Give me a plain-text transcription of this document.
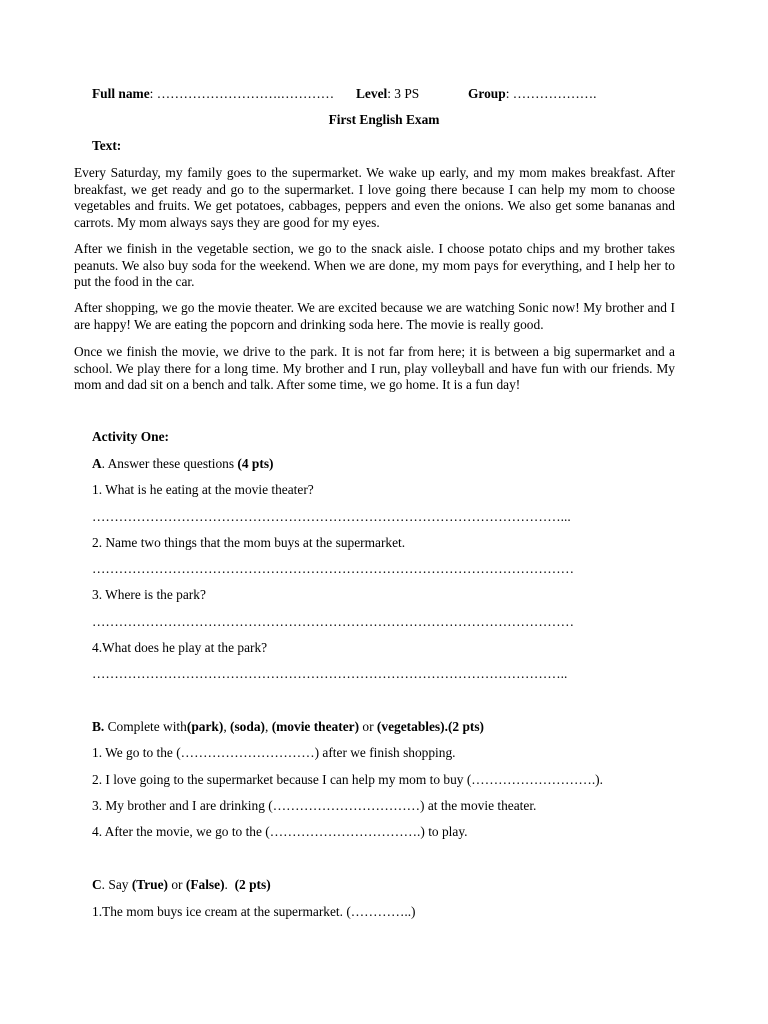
Full name: ……………………….………… Level: 3 PS	Group: ……………….
First English Exam
Text:
Every Saturday, my family goes to the supermarket. We wake up early, and my mom makes breakfast. After breakfast, we get ready and go to the supermarket. I love going there because I can help my mom to choose vegetables and fruits. We get potatoes, cabbages, peppers and even the onions. We also get some bananas and carrots. My mom always says they are good for my eyes.
After we finish in the vegetable section, we go to the snack aisle. I choose potato chips and my brother takes peanuts. We also buy soda for the weekend. When we are done, my mom pays for everything, and I help her to put the food in the car.
After shopping, we go the movie theater. We are excited because we are watching Sonic now! My brother and I are happy! We are eating the popcorn and drinking soda here. The movie is really good.
Once we finish the movie, we drive to the park. It is not far from here; it is between a big supermarket and a school. We play there for a long time. My brother and I run, play volleyball and have fun with our friends. My mom and dad sit on a bench and talk. After some time, we go home. It is a fun day!
Activity One:
A. Answer these questions (4 pts)
1. What is he eating at the movie theater?
……………………………………………………………………………………………...
2. Name two things that the mom buys at the supermarket.
………………………………………………………………………………………………
3. Where is the park?
………………………………………………………………………………………………
4.What does he play at the park?
……………………………………………………………………………………………..
B. Complete with(park), (soda), (movie theater) or (vegetables).(2 pts)
1. We go to the (…………………………) after we finish shopping.
2. I love going to the supermarket because I can help my mom to buy (……………………….).
3. My brother and I are drinking (……………………………) at the movie theater.
4. After the movie, we go to the (…………………………….) to play.
C. Say (True) or (False).  (2 pts)
1.The mom buys ice cream at the supermarket. (…………..)
